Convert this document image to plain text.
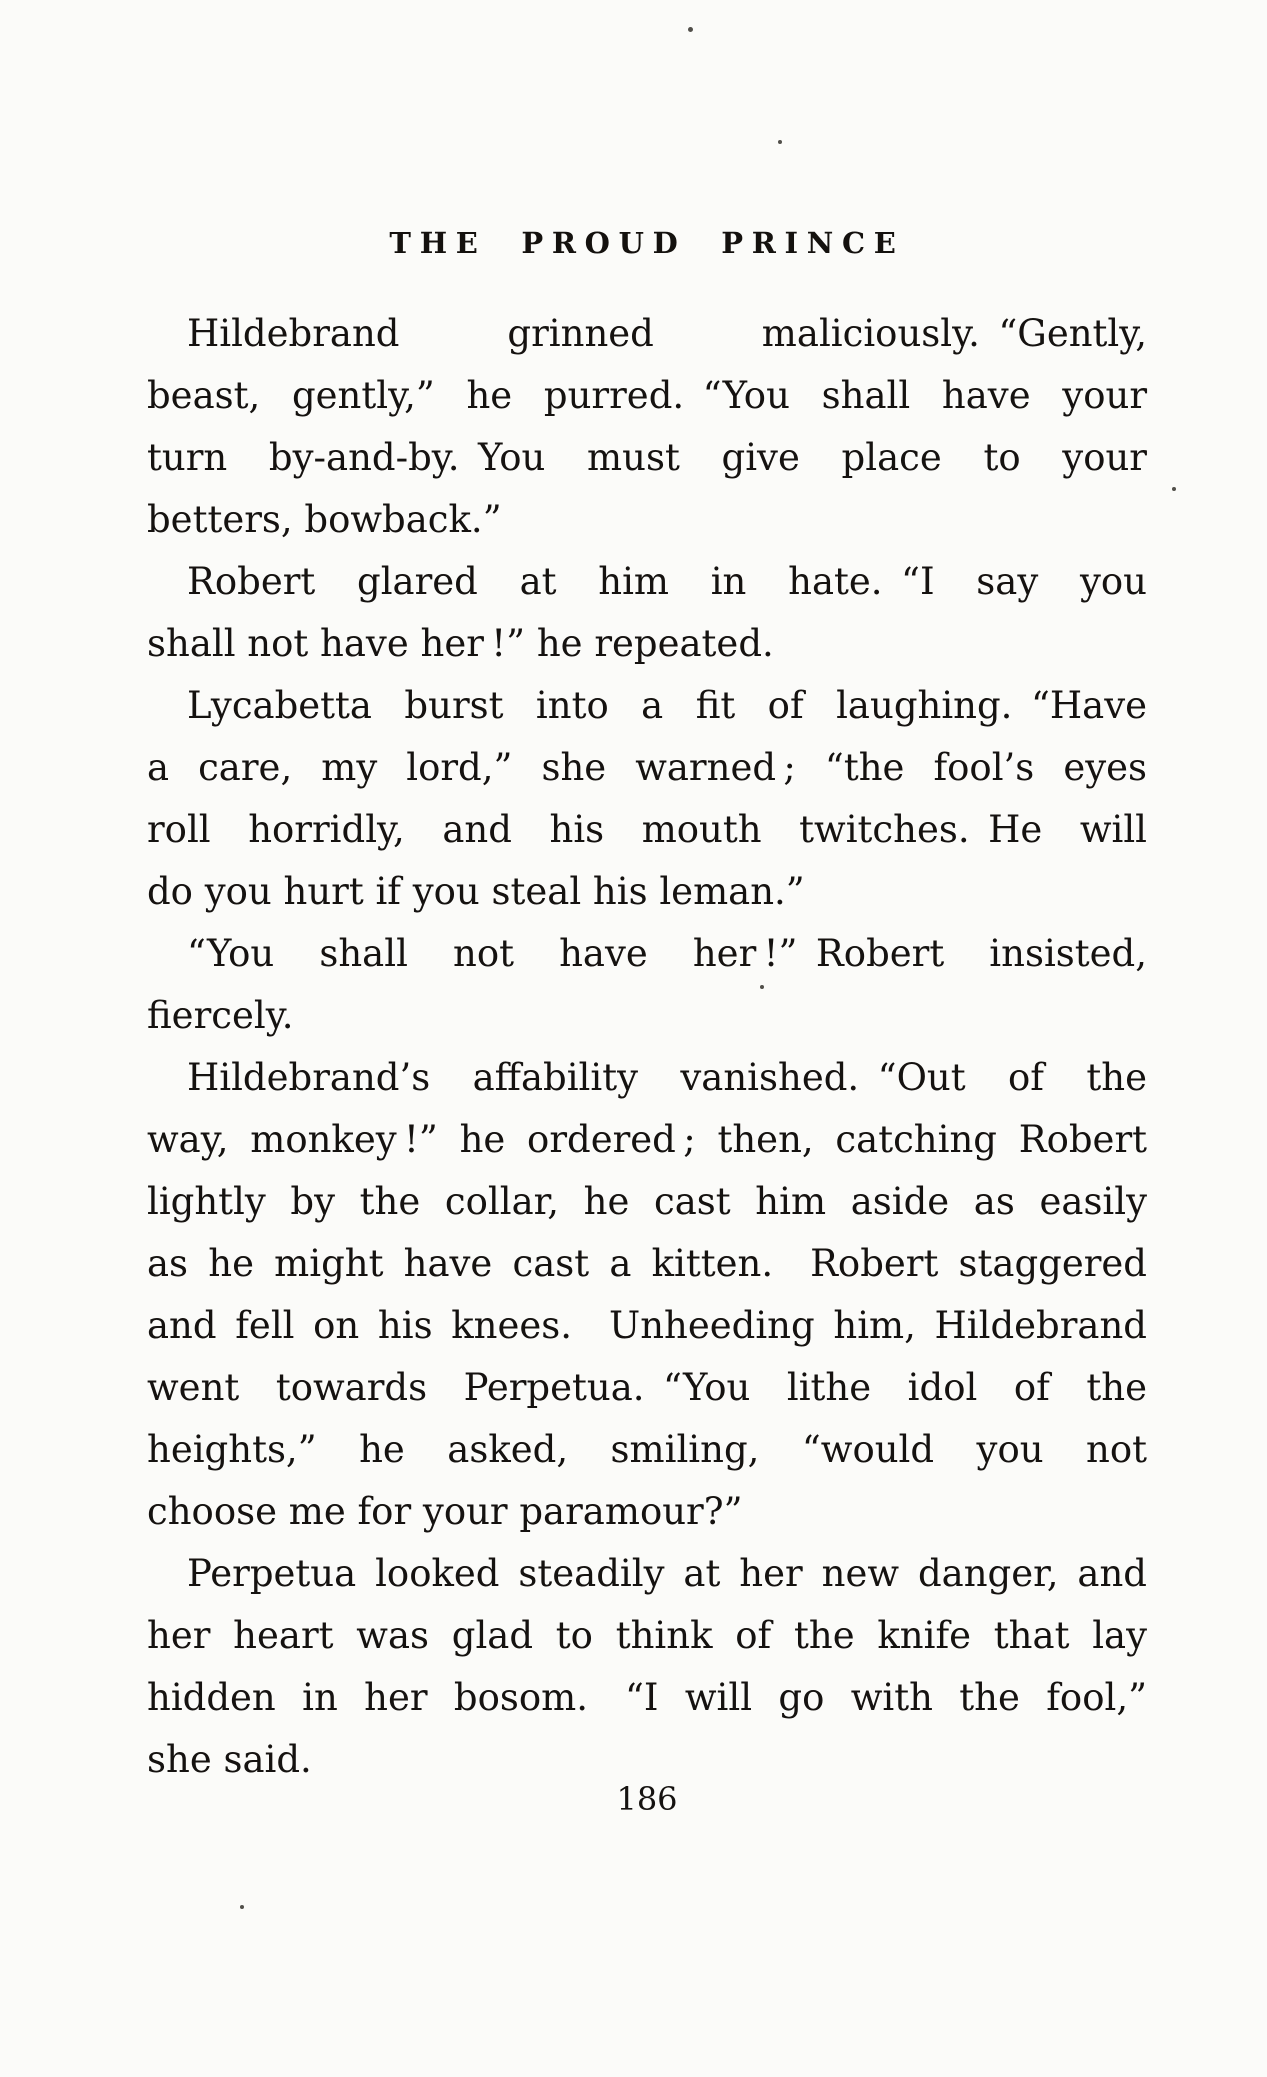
THE PROUD PRINCE
Hildebrand grinned maliciously. “Gently,
beast, gently,” he purred. “You shall have your
turn by-and-by. You must give place to your
betters, bowback.”
Robert glared at him in hate. “I say you
shall not have her !” he repeated.
Lycabetta burst into a fit of laughing. “Have
a care, my lord,” she warned ; “the fool’s eyes
roll horridly, and his mouth twitches. He will
do you hurt if you steal his leman.”
“You shall not have her !” Robert insisted,
fiercely.
Hildebrand’s affability vanished. “Out of the
way, monkey !” he ordered ; then, catching Robert
lightly by the collar, he cast him aside as easily
as he might have cast a kitten. Robert staggered
and fell on his knees. Unheeding him, Hildebrand
went towards Perpetua. “You lithe idol of the
heights,” he asked, smiling, “would you not
choose me for your paramour?”
Perpetua looked steadily at her new danger, and
her heart was glad to think of the knife that lay
hidden in her bosom. “I will go with the fool,”
she said.
186
